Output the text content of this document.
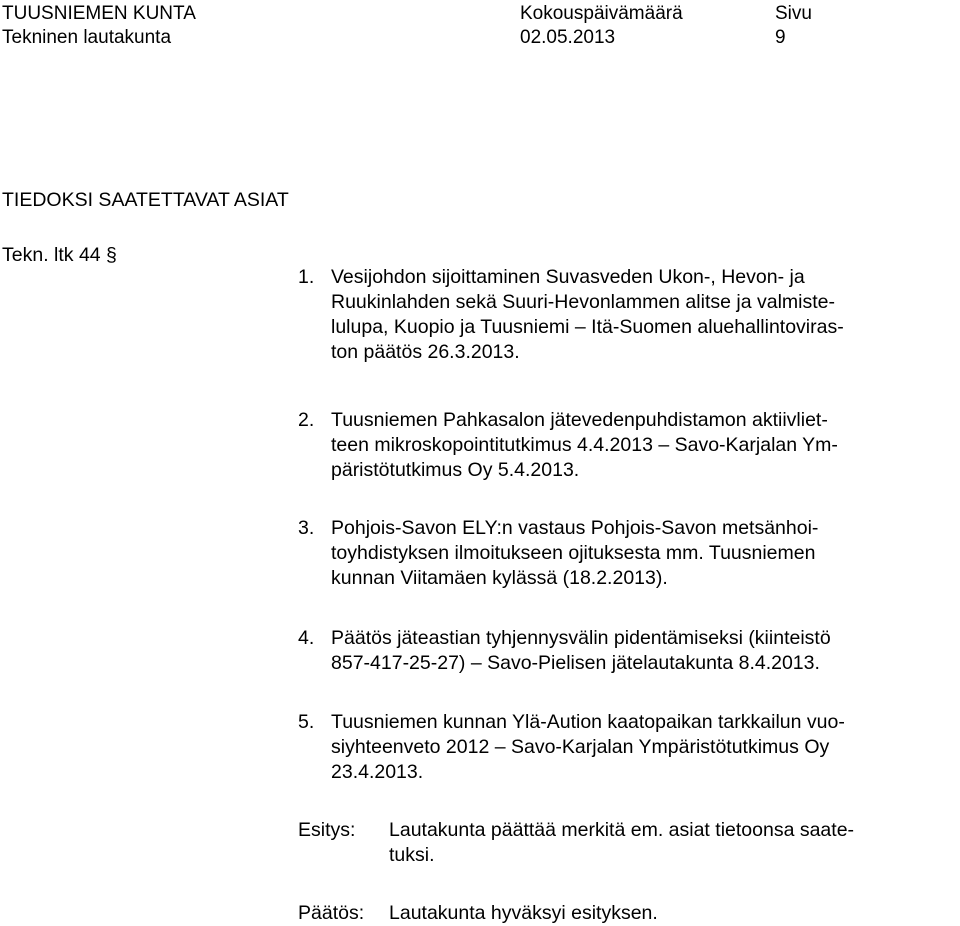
TUUSNIEMEN KUNTA
Tekninen lautakunta
Kokouspäivämäärä
02.05.2013
Sivu
9
TIEDOKSI SAATETTAVAT ASIAT
Tekn. ltk 44 §
1. Vesijohdon sijoittaminen Suvasveden Ukon-, Hevon- ja
Ruukinlahden sekä Suuri-Hevonlammen alitse ja valmiste-
lulupa, Kuopio ja Tuusniemi – Itä-Suomen aluehallintoviras-
ton päätös 26.3.2013.
2. Tuusniemen Pahkasalon jätevedenpuhdistamon aktiivliet-
teen mikroskopointitutkimus 4.4.2013 – Savo-Karjalan Ym-
päristötutkimus Oy 5.4.2013.
3. Pohjois-Savon ELY:n vastaus Pohjois-Savon metsänhoi-
toyhdistyksen ilmoitukseen ojituksesta mm. Tuusniemen
kunnan Viitamäen kylässä (18.2.2013).
4. Päätös jäteastian tyhjennysvälin pidentämiseksi (kiinteistö
857-417-25-27) – Savo-Pielisen jätelautakunta 8.4.2013.
5. Tuusniemen kunnan Ylä-Aution kaatopaikan tarkkailun vuo-
siyhteenveto 2012 – Savo-Karjalan Ympäristötutkimus Oy
23.4.2013.
Esitys: Lautakunta päättää merkitä em. asiat tietoonsa saate-
tuksi.
Päätös: Lautakunta hyväksyi esityksen.
